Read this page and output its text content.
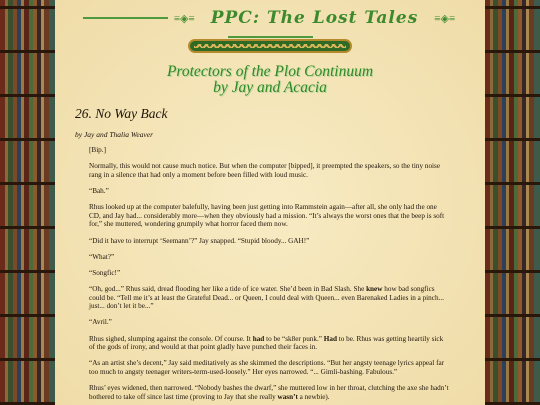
≡◈≡ PPC: The Lost Tales ≡◈≡
Protectors of the Plot Continuum
by Jay and Acacia
26. No Way Back
by Jay and Thalia Weaver

[Bip.]

Normally, this would not cause much notice. But when the computer [bipped], it preempted the speakers, so the tiny noise rang in a silence that had only a moment before been filled with loud music.

“Bah.”

Rhus looked up at the computer balefully, having been just getting into Rammstein again—after all, she only had the one CD, and Jay had... considerably more—when they obviously had a mission. “It’s always the worst ones that the beep is soft for,” she muttered, wondering grumpily what horror faced them now.

“Did it have to interrupt ‘Seemann’?” Jay snapped. “Stupid bloody... GAH!”

“What?”

“Songfic!”

“Oh, god...” Rhus said, dread flooding her like a tide of ice water. She’d been in Bad Slash. She knew how bad songfics could be. “Tell me it’s at least the Grateful Dead... or Queen, I could deal with Queen... even Barenaked Ladies in a pinch... just... don’t let it be...”

“Avril.”

Rhus sighed, slumping against the console. Of course. It had to be “sk8er punk.” Had to be. Rhus was getting heartily sick of the gods of irony, and would at that point gladly have punched their faces in.

“As an artist she’s decent,” Jay said meditatively as she skimmed the descriptions. “But her angsty teenage lyrics appeal far too much to angsty teenager writers-term-used-loosely.” Her eyes narrowed. “... Gimli-bashing. Fabulous.”

Rhus’ eyes widened, then narrowed. “Nobody bashes the dwarf,” she muttered low in her throat, clutching the axe she hadn’t bothered to take off since last time (proving to Jay that she really wasn’t a newbie).
